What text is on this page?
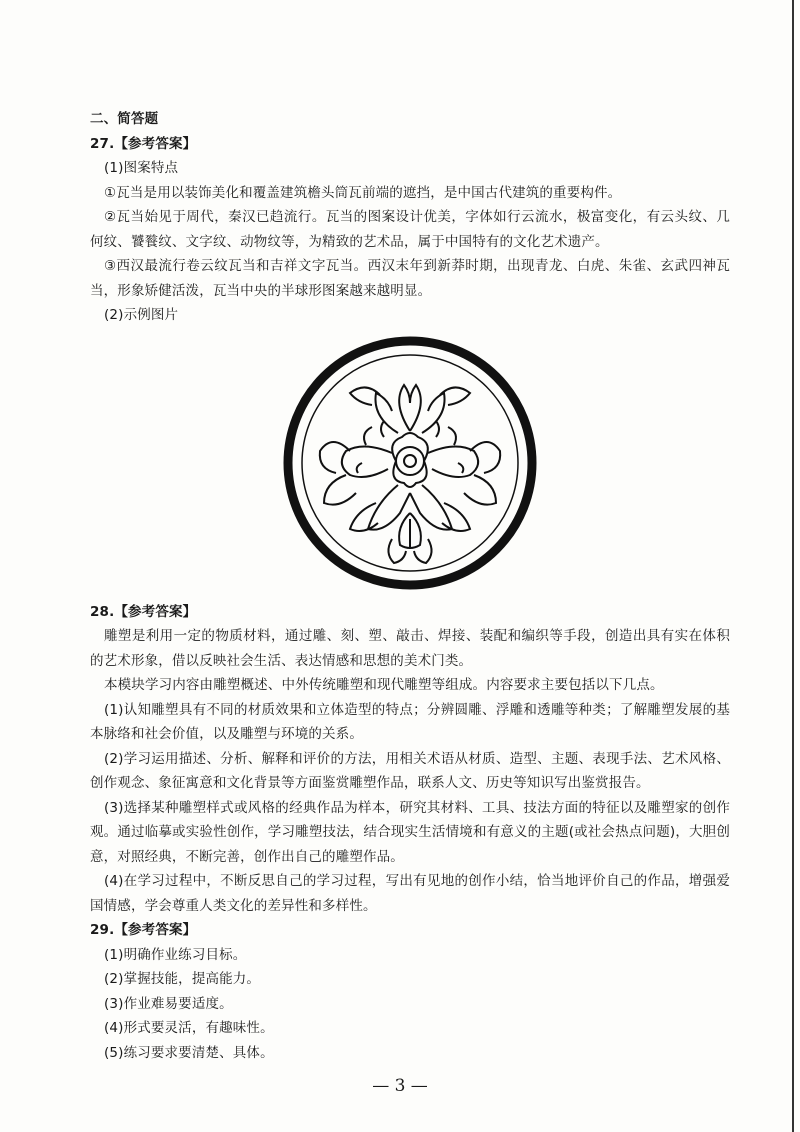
二、简答题
27.【参考答案】
(1)图案特点
①瓦当是用以装饰美化和覆盖建筑檐头筒瓦前端的遮挡，是中国古代建筑的重要构件。
②瓦当始见于周代，秦汉已趋流行。瓦当的图案设计优美，字体如行云流水，极富变化，有云头纹、几何纹、饕餮纹、文字纹、动物纹等，为精致的艺术品，属于中国特有的文化艺术遗产。
③西汉最流行卷云纹瓦当和吉祥文字瓦当。西汉末年到新莽时期，出现青龙、白虎、朱雀、玄武四神瓦当，形象矫健活泼，瓦当中央的半球形图案越来越明显。
(2)示例图片
28.【参考答案】
雕塑是利用一定的物质材料，通过雕、刻、塑、敲击、焊接、装配和编织等手段，创造出具有实在体积的艺术形象，借以反映社会生活、表达情感和思想的美术门类。
本模块学习内容由雕塑概述、中外传统雕塑和现代雕塑等组成。内容要求主要包括以下几点。
(1)认知雕塑具有不同的材质效果和立体造型的特点；分辨圆雕、浮雕和透雕等种类；了解雕塑发展的基本脉络和社会价值，以及雕塑与环境的关系。
(2)学习运用描述、分析、解释和评价的方法，用相关术语从材质、造型、主题、表现手法、艺术风格、创作观念、象征寓意和文化背景等方面鉴赏雕塑作品，联系人文、历史等知识写出鉴赏报告。
(3)选择某种雕塑样式或风格的经典作品为样本，研究其材料、工具、技法方面的特征以及雕塑家的创作观。通过临摹或实验性创作，学习雕塑技法，结合现实生活情境和有意义的主题(或社会热点问题)，大胆创意，对照经典，不断完善，创作出自己的雕塑作品。
(4)在学习过程中，不断反思自己的学习过程，写出有见地的创作小结，恰当地评价自己的作品，增强爱国情感，学会尊重人类文化的差异性和多样性。
29.【参考答案】
(1)明确作业练习目标。
(2)掌握技能，提高能力。
(3)作业难易要适度。
(4)形式要灵活，有趣味性。
(5)练习要求要清楚、具体。
— 3 —
